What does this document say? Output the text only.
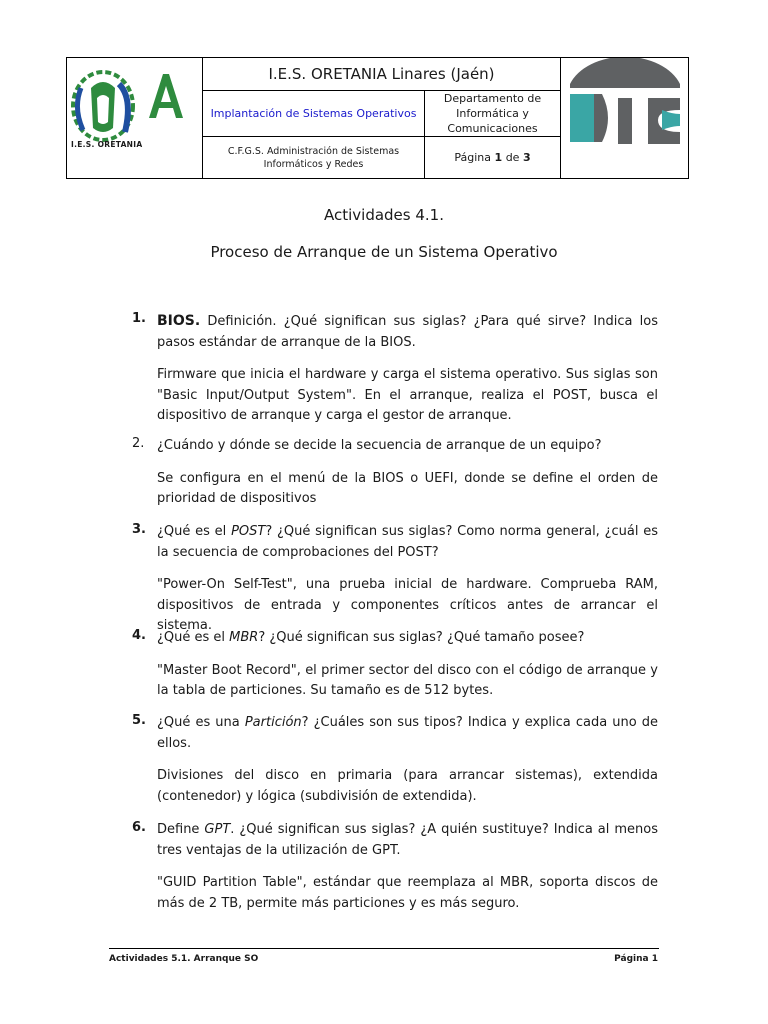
I.E.S. ORETANIA	I.E.S. ORETANIA Linares (Jaén)	
	Implantación de Sistemas Operativos	Departamento de Informática y Comunicaciones	
	C.F.G.S. Administración de Sistemas Informáticos y Redes	Página 1 de 3	
Actividades 4.1.
Proceso de Arranque de un Sistema Operativo
1. BIOS. Definición. ¿Qué significan sus siglas? ¿Para qué sirve? Indica los pasos estándar de arranque de la BIOS.
Firmware que inicia el hardware y carga el sistema operativo. Sus siglas son "Basic Input/Output System". En el arranque, realiza el POST, busca el dispositivo de arranque y carga el gestor de arranque.
2. ¿Cuándo y dónde se decide la secuencia de arranque de un equipo?
Se configura en el menú de la BIOS o UEFI, donde se define el orden de prioridad de dispositivos
3. ¿Qué es el POST? ¿Qué significan sus siglas? Como norma general, ¿cuál es la secuencia de comprobaciones del POST?
"Power-On Self-Test", una prueba inicial de hardware. Comprueba RAM, dispositivos de entrada y componentes críticos antes de arrancar el sistema.
4. ¿Qué es el MBR? ¿Qué significan sus siglas? ¿Qué tamaño posee?
"Master Boot Record", el primer sector del disco con el código de arranque y la tabla de particiones. Su tamaño es de 512 bytes.
5. ¿Qué es una Partición? ¿Cuáles son sus tipos? Indica y explica cada uno de ellos.
Divisiones del disco en primaria (para arrancar sistemas), extendida (contenedor) y lógica (subdivisión de extendida).
6. Define GPT. ¿Qué significan sus siglas? ¿A quién sustituye? Indica al menos tres ventajas de la utilización de GPT.
"GUID Partition Table", estándar que reemplaza al MBR, soporta discos de más de 2 TB, permite más particiones y es más seguro.
Actividades 5.1. Arranque SO	Página 1
